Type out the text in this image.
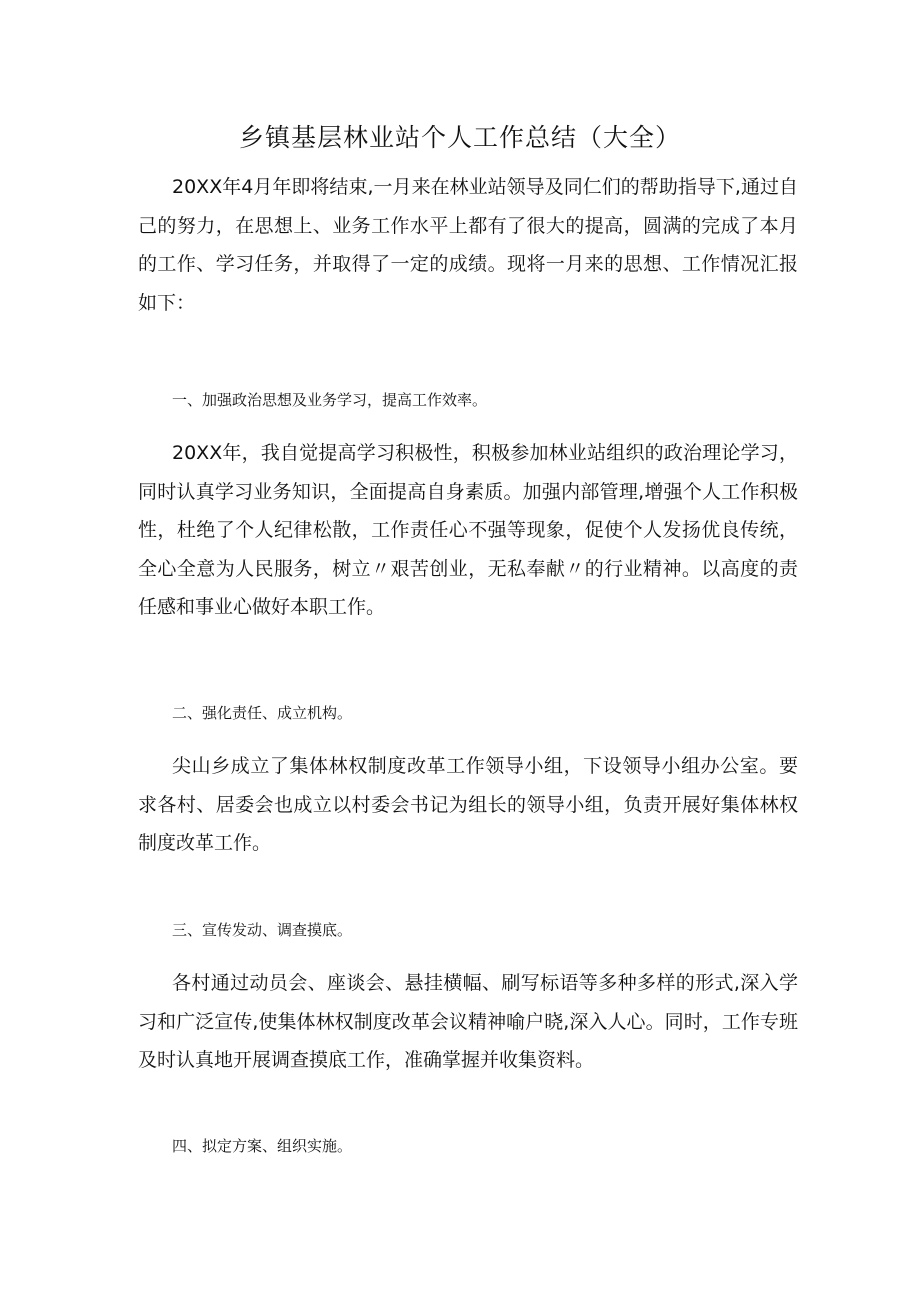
乡镇基层林业站个人工作总结（大全）

20XX年4月年即将结束,一月来在林业站领导及同仁们的帮助指导下,通过自己的努力，在思想上、业务工作水平上都有了很大的提高，圆满的完成了本月的工作、学习任务，并取得了一定的成绩。现将一月来的思想、工作情况汇报如下：

一、加强政治思想及业务学习，提高工作效率。

20XX年，我自觉提高学习积极性，积极参加林业站组织的政治理论学习，同时认真学习业务知识，全面提高自身素质。加强内部管理,增强个人工作积极性，杜绝了个人纪律松散，工作责任心不强等现象，促使个人发扬优良传统，全心全意为人民服务，树立〃艰苦创业，无私奉献〃的行业精神。以高度的责任感和事业心做好本职工作。

二、强化责任、成立机构。

尖山乡成立了集体林权制度改革工作领导小组，下设领导小组办公室。要求各村、居委会也成立以村委会书记为组长的领导小组，负责开展好集体林权制度改革工作。

三、宣传发动、调查摸底。

各村通过动员会、座谈会、悬挂横幅、刷写标语等多种多样的形式,深入学习和广泛宣传,使集体林权制度改革会议精神喻户晓,深入人心。同时，工作专班及时认真地开展调查摸底工作，准确掌握并收集资料。

四、拟定方案、组织实施。
